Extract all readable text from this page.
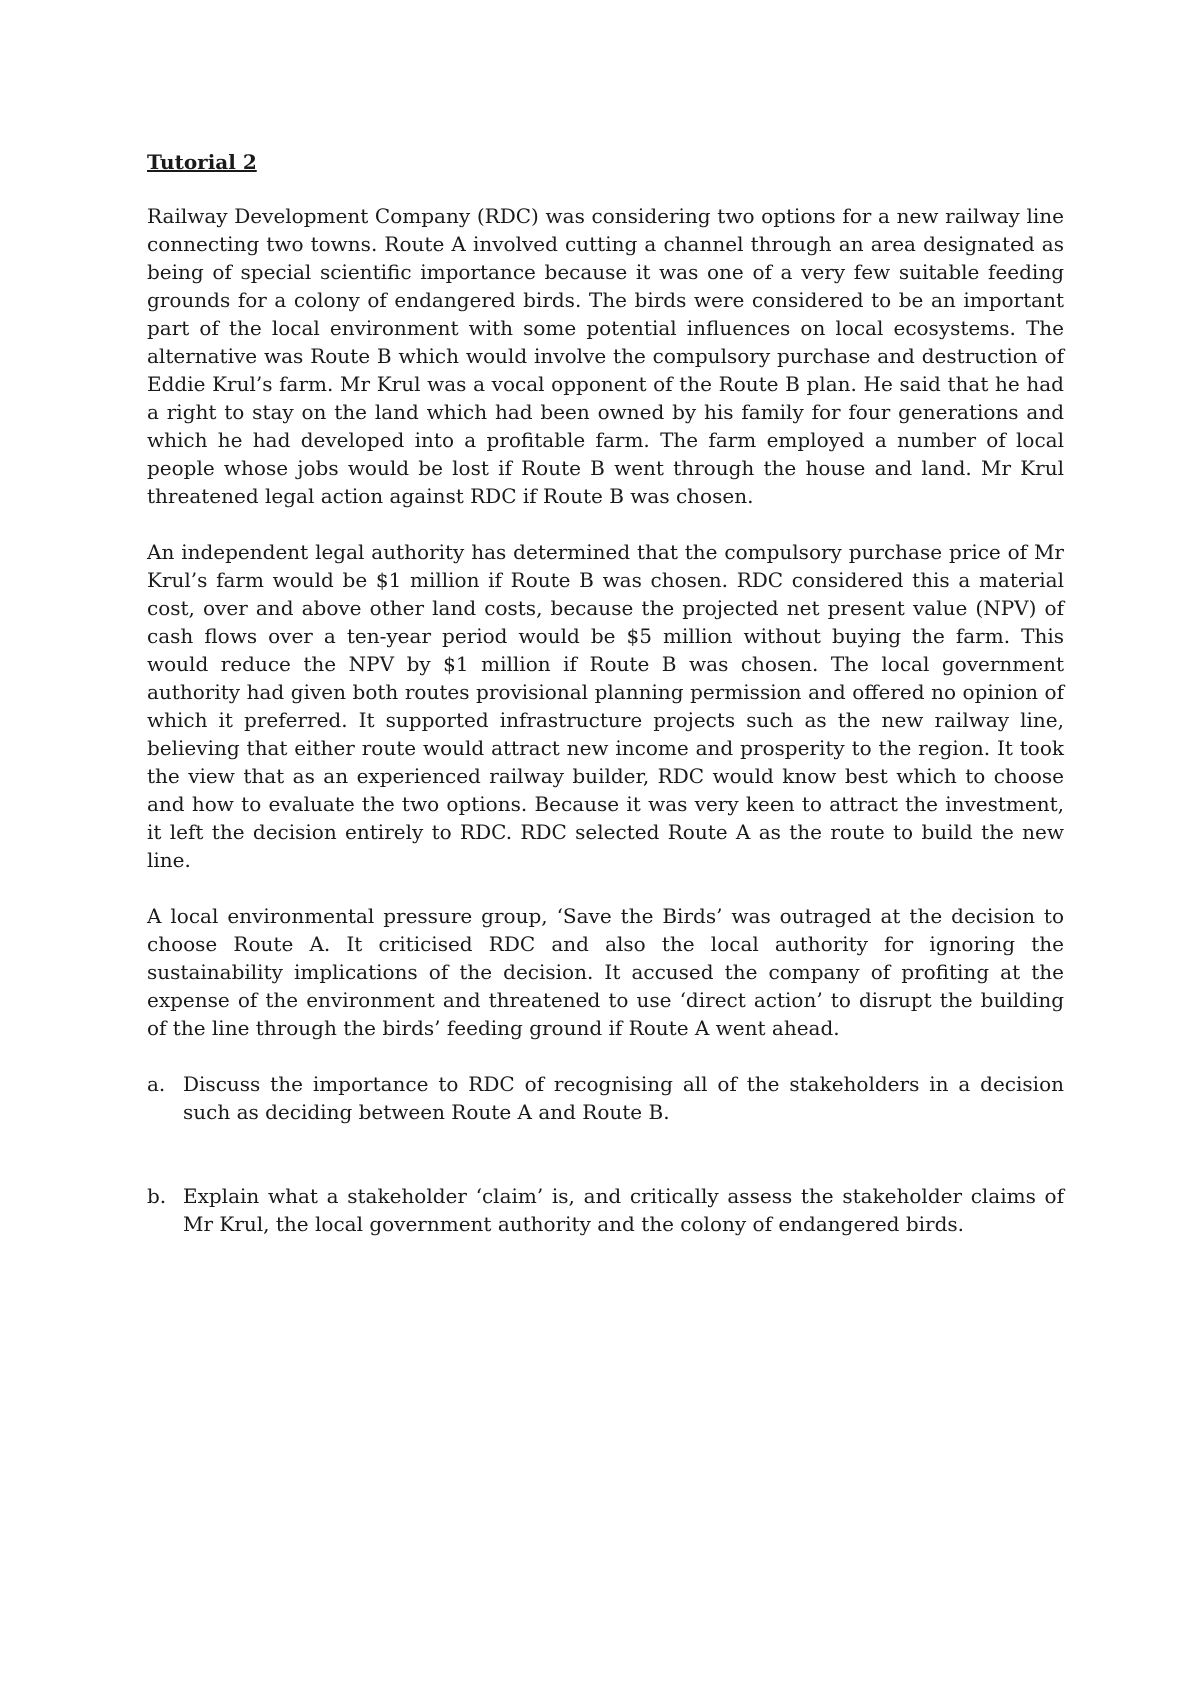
Tutorial 2

Railway Development Company (RDC) was considering two options for a new railway line connecting two towns. Route A involved cutting a channel through an area designated as being of special scientific importance because it was one of a very few suitable feeding grounds for a colony of endangered birds. The birds were considered to be an important part of the local environment with some potential influences on local ecosystems. The alternative was Route B which would involve the compulsory purchase and destruction of Eddie Krul’s farm. Mr Krul was a vocal opponent of the Route B plan. He said that he had a right to stay on the land which had been owned by his family for four generations and which he had developed into a profitable farm. The farm employed a number of local people whose jobs would be lost if Route B went through the house and land. Mr Krul threatened legal action against RDC if Route B was chosen.

An independent legal authority has determined that the compulsory purchase price of Mr Krul’s farm would be $1 million if Route B was chosen. RDC considered this a material cost, over and above other land costs, because the projected net present value (NPV) of cash flows over a ten-year period would be $5 million without buying the farm. This would reduce the NPV by $1 million if Route B was chosen. The local government authority had given both routes provisional planning permission and offered no opinion of which it preferred. It supported infrastructure projects such as the new railway line, believing that either route would attract new income and prosperity to the region. It took the view that as an experienced railway builder, RDC would know best which to choose and how to evaluate the two options. Because it was very keen to attract the investment, it left the decision entirely to RDC. RDC selected Route A as the route to build the new line.

A local environmental pressure group, ‘Save the Birds’ was outraged at the decision to choose Route A. It criticised RDC and also the local authority for ignoring the sustainability implications of the decision. It accused the company of profiting at the expense of the environment and threatened to use ‘direct action’ to disrupt the building of the line through the birds’ feeding ground if Route A went ahead.

a. Discuss the importance to RDC of recognising all of the stakeholders in a decision such as deciding between Route A and Route B.
b. Explain what a stakeholder ‘claim’ is, and critically assess the stakeholder claims of Mr Krul, the local government authority and the colony of endangered birds.
